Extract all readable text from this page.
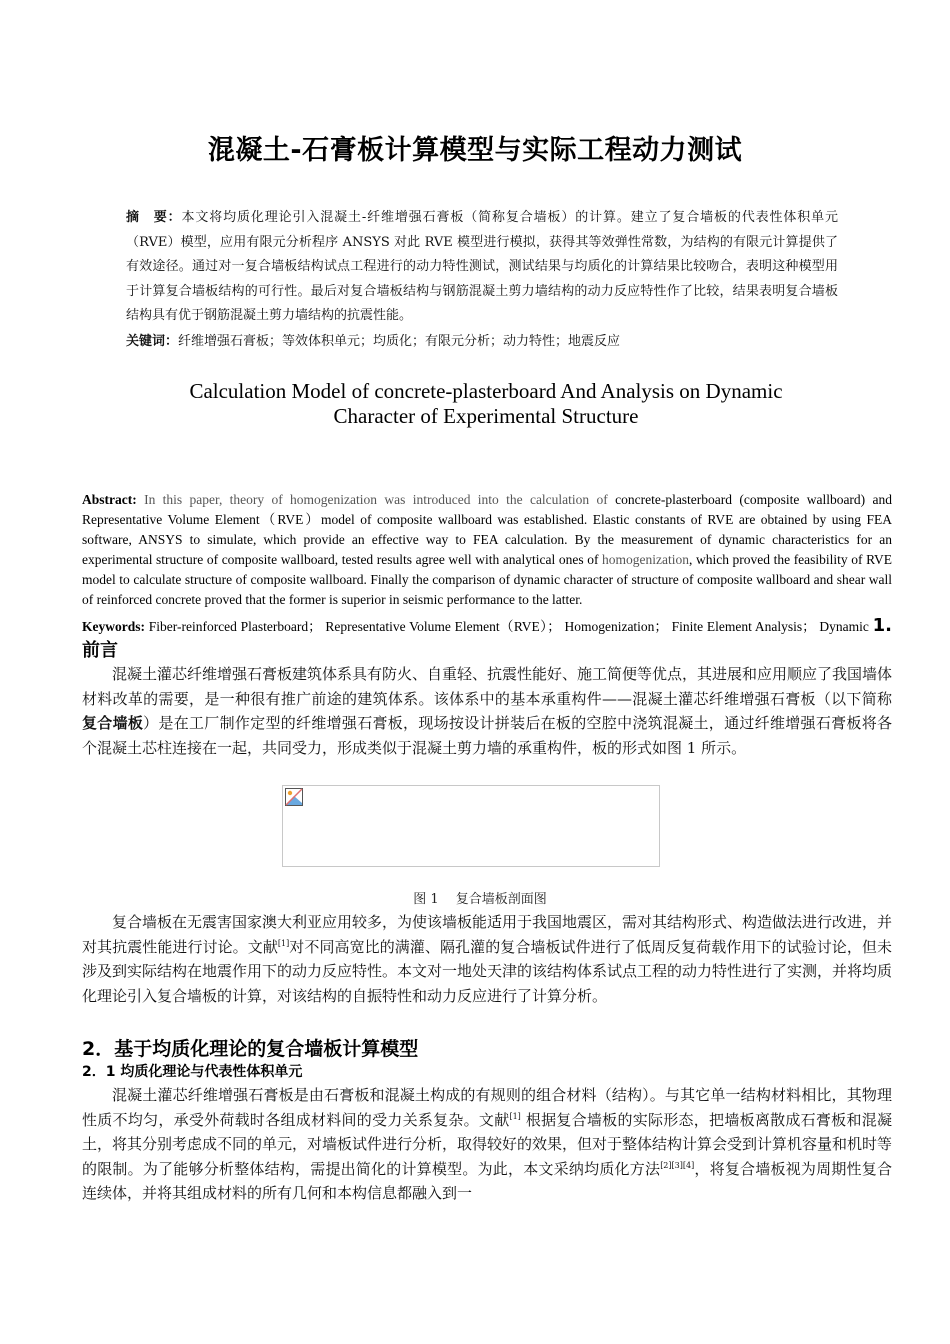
混凝土-石膏板计算模型与实际工程动力测试
摘　要：本文将均质化理论引入混凝土-纤维增强石膏板（简称复合墙板）的计算。建立了复合墙板的代表性体积单元（RVE）模型，应用有限元分析程序 ANSYS 对此 RVE 模型进行模拟，获得其等效弹性常数，为结构的有限元计算提供了有效途径。通过对一复合墙板结构试点工程进行的动力特性测试，测试结果与均质化的计算结果比较吻合，表明这种模型用于计算复合墙板结构的可行性。最后对复合墙板结构与钢筋混凝土剪力墙结构的动力反应特性作了比较，结果表明复合墙板结构具有优于钢筋混凝土剪力墙结构的抗震性能。
关键词：纤维增强石膏板；等效体积单元；均质化；有限元分析；动力特性；地震反应
Calculation Model of concrete-plasterboard And Analysis on Dynamic
Character of Experimental Structure
Abstract: In this paper, theory of homogenization was introduced into the calculation of concrete-plasterboard (composite wallboard) and Representative Volume Element（RVE）model of composite wallboard was established. Elastic constants of RVE are obtained by using FEA software, ANSYS to simulate, which provide an effective way to FEA calculation. By the measurement of dynamic characteristics for an experimental structure of composite wallboard, tested results agree well with analytical ones of homogenization, which proved the feasibility of RVE model to calculate structure of composite wallboard. Finally the comparison of dynamic character of structure of composite wallboard and shear wall of reinforced concrete proved that the former is superior in seismic performance to the latter.
Keywords: Fiber-reinforced Plasterboard； Representative Volume Element（RVE）； Homogenization； Finite Element Analysis； Dynamic 1. 前言
混凝土灌芯纤维增强石膏板建筑体系具有防火、自重轻、抗震性能好、施工简便等优点，其进展和应用顺应了我国墙体材料改革的需要，是一种很有推广前途的建筑体系。该体系中的基本承重构件——混凝土灌芯纤维增强石膏板（以下简称复合墙板）是在工厂制作定型的纤维增强石膏板，现场按设计拼装后在板的空腔中浇筑混凝土，通过纤维增强石膏板将各个混凝土芯柱连接在一起，共同受力，形成类似于混凝土剪力墙的承重构件，板的形式如图 1 所示。
图 1　 复合墙板剖面图
复合墙板在无震害国家澳大利亚应用较多，为使该墙板能适用于我国地震区，需对其结构形式、构造做法进行改进，并对其抗震性能进行讨论。文献[1]对不同高宽比的满灌、隔孔灌的复合墙板试件进行了低周反复荷载作用下的试验讨论，但未涉及到实际结构在地震作用下的动力反应特性。本文对一地处天津的该结构体系试点工程的动力特性进行了实测，并将均质化理论引入复合墙板的计算，对该结构的自振特性和动力反应进行了计算分析。
2．基于均质化理论的复合墙板计算模型
2．1 均质化理论与代表性体积单元
混凝土灌芯纤维增强石膏板是由石膏板和混凝土构成的有规则的组合材料（结构）。与其它单一结构材料相比，其物理性质不均匀，承受外荷载时各组成材料间的受力关系复杂。文献[1] 根据复合墙板的实际形态，把墙板离散成石膏板和混凝土，将其分别考虑成不同的单元，对墙板试件进行分析，取得较好的效果，但对于整体结构计算会受到计算机容量和机时等的限制。为了能够分析整体结构，需提出简化的计算模型。为此，本文采纳均质化方法[2][3][4]，将复合墙板视为周期性复合连续体，并将其组成材料的所有几何和本构信息都融入到一
